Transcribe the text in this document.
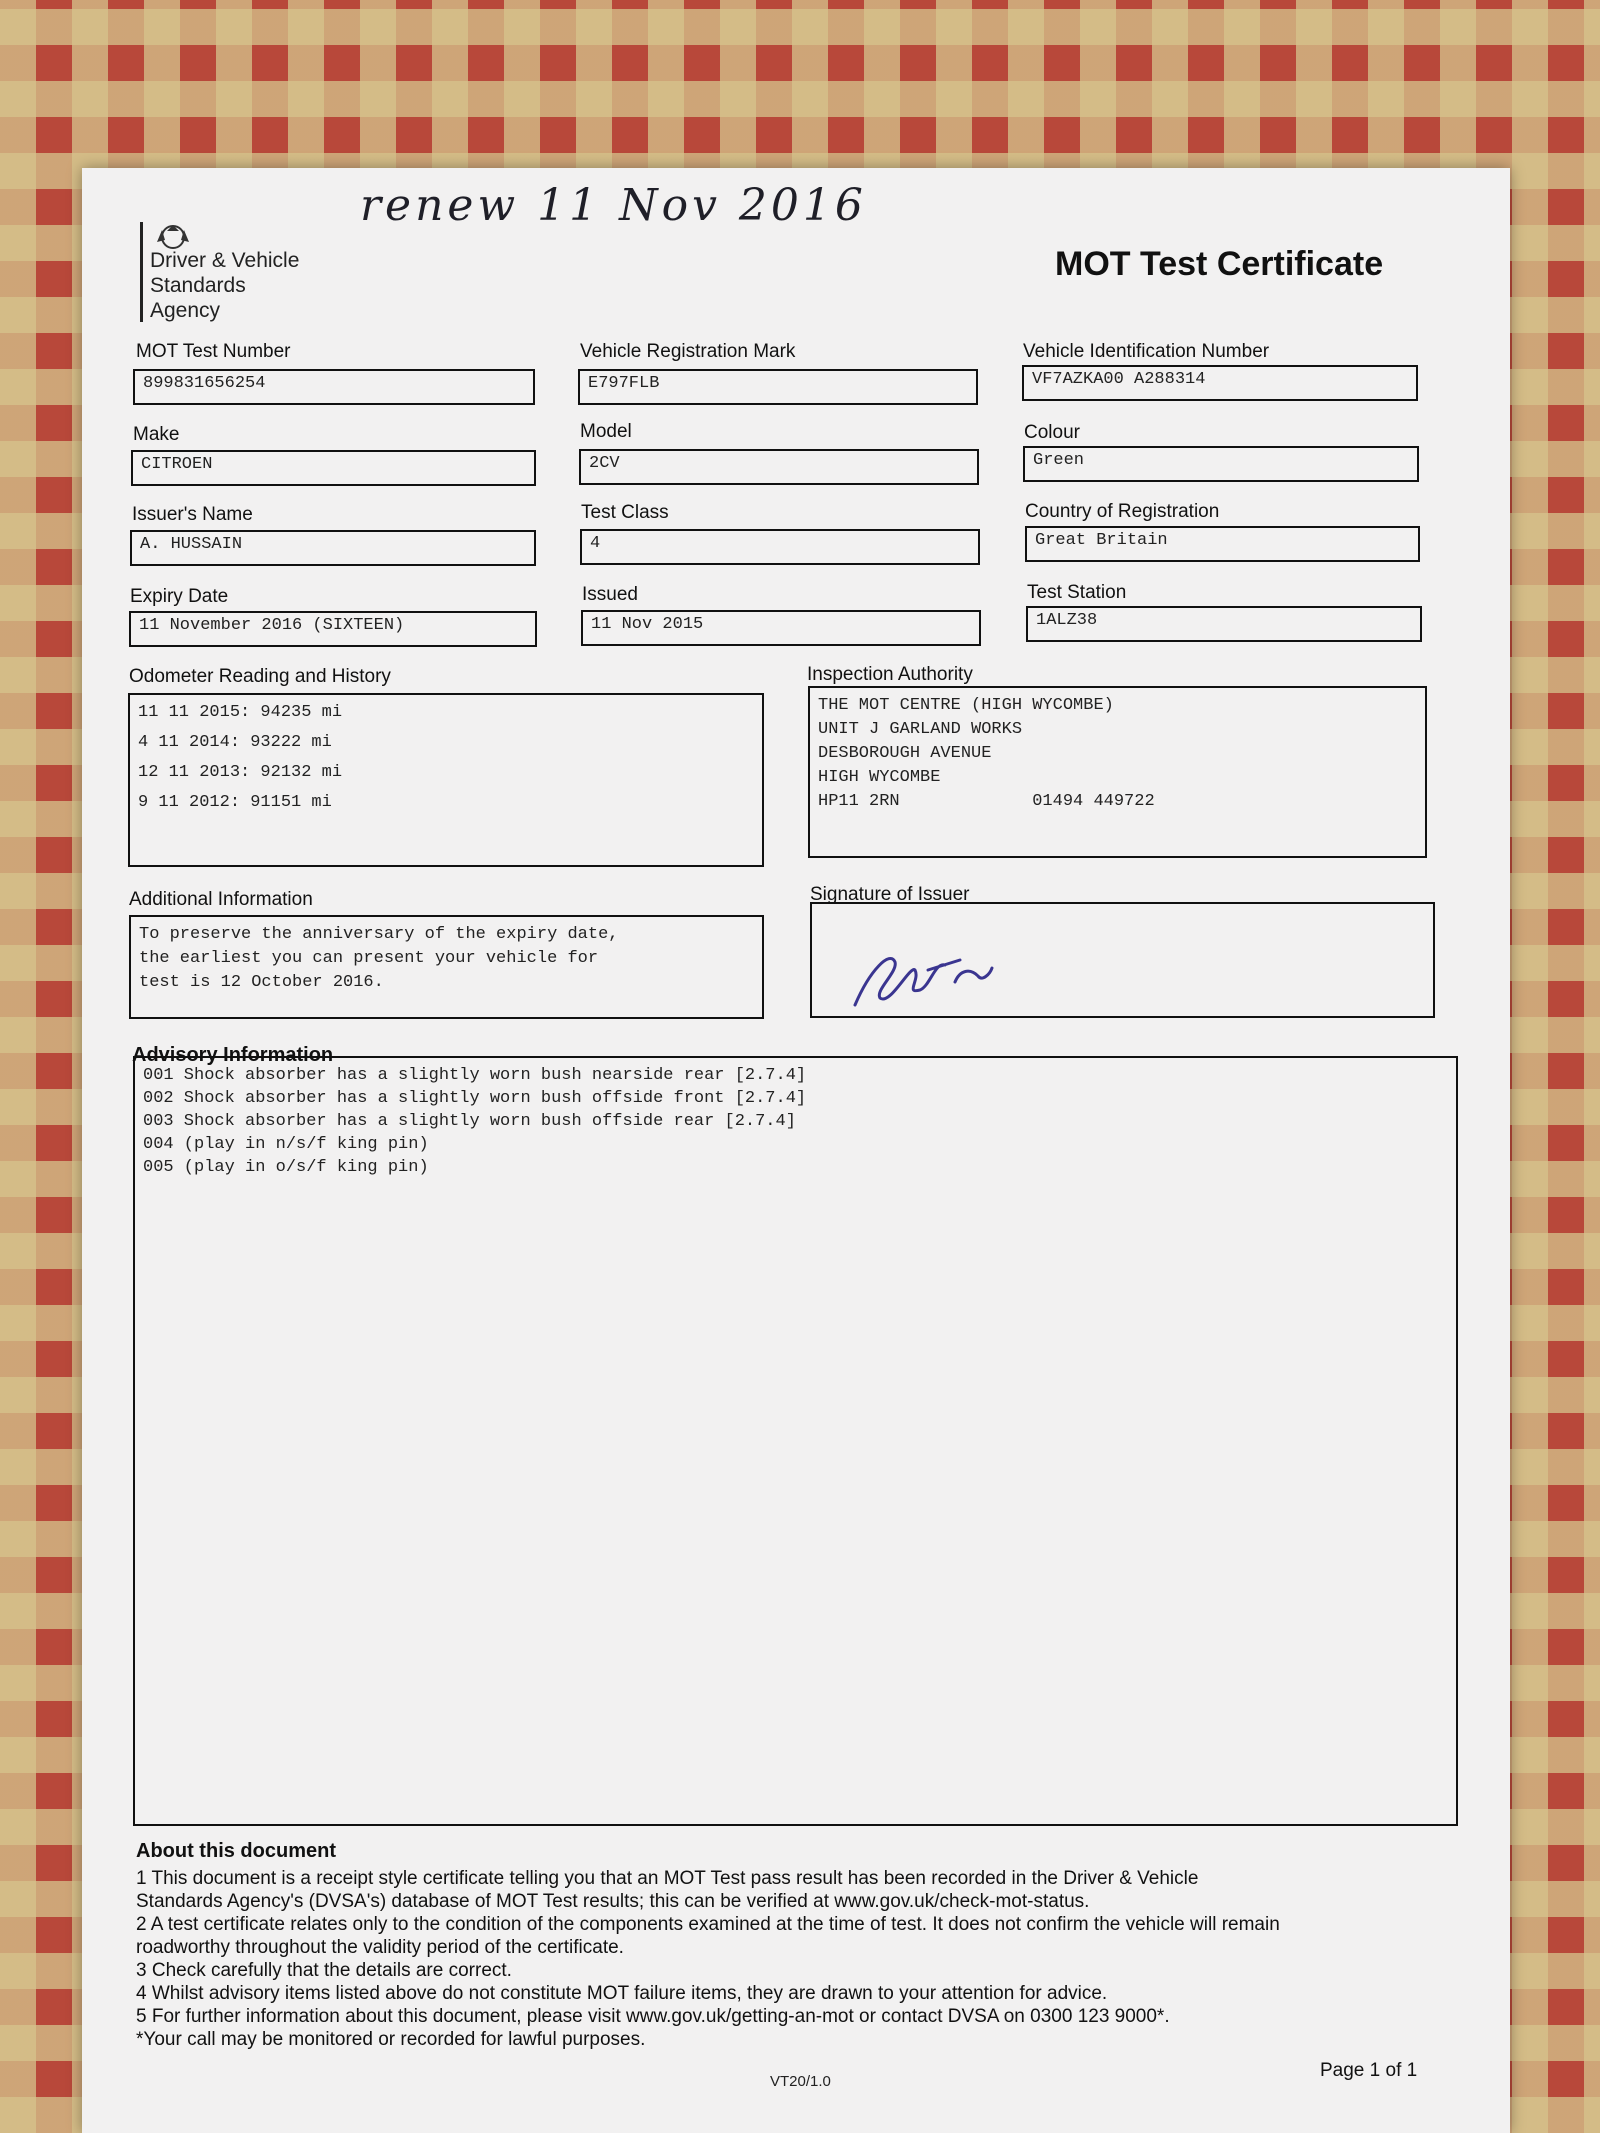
renew 11 Nov 2016
Driver & Vehicle
Standards
Agency
MOT Test Certificate
MOT Test Number
899831656254
Vehicle Registration Mark
E797FLB
Vehicle Identification Number
VF7AZKA00 A288314
Make
CITROEN
Model
2CV
Colour
Green
Issuer's Name
A. HUSSAIN
Test Class
4
Country of Registration
Great Britain
Expiry Date
11 November 2016 (SIXTEEN)
Issued
11 Nov 2015
Test Station
1ALZ38
Odometer Reading and History
11 11 2015: 94235 mi
4 11 2014: 93222 mi
12 11 2013: 92132 mi
9 11 2012: 91151 mi
Inspection Authority
THE MOT CENTRE (HIGH WYCOMBE)
UNIT J GARLAND WORKS
DESBOROUGH AVENUE
HIGH WYCOMBE
HP11 2RN             01494 449722
Additional Information
To preserve the anniversary of the expiry date,
the earliest you can present your vehicle for
test is 12 October 2016.
Signature of Issuer
Advisory Information
001 Shock absorber has a slightly worn bush nearside rear [2.7.4]
002 Shock absorber has a slightly worn bush offside front [2.7.4]
003 Shock absorber has a slightly worn bush offside rear [2.7.4]
004 (play in n/s/f king pin)
005 (play in o/s/f king pin)
About this document
1 This document is a receipt style certificate telling you that an MOT Test pass result has been recorded in the Driver & Vehicle
Standards Agency's (DVSA's) database of MOT Test results; this can be verified at www.gov.uk/check-mot-status.
2 A test certificate relates only to the condition of the components examined at the time of test. It does not confirm the vehicle will remain
roadworthy throughout the validity period of the certificate.
3 Check carefully that the details are correct.
4 Whilst advisory items listed above do not constitute MOT failure items, they are drawn to your attention for advice.
5 For further information about this document, please visit www.gov.uk/getting-an-mot or contact DVSA on 0300 123 9000*.
*Your call may be monitored or recorded for lawful purposes.
VT20/1.0
Page 1 of 1
